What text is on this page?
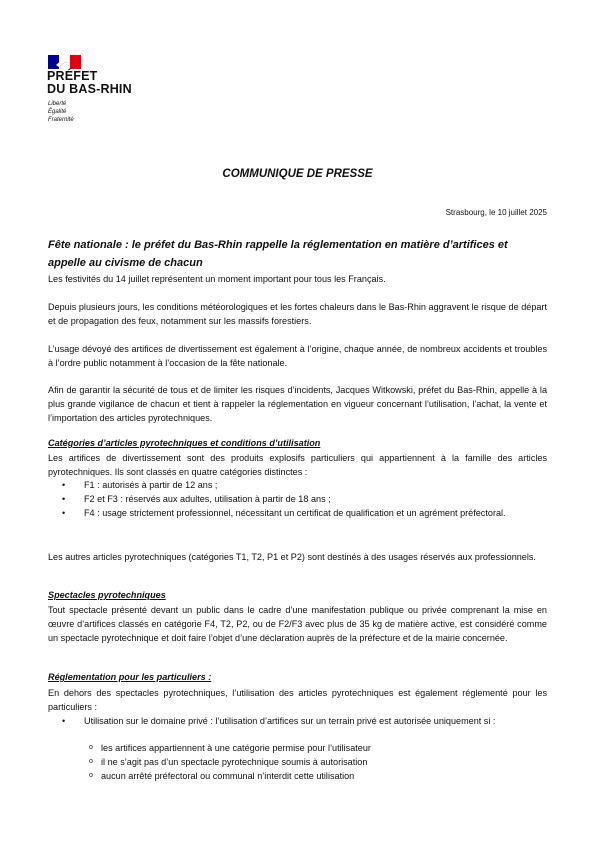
PRÉFET
DU BAS-RHIN
Liberté
Égalité
Fraternité
COMMUNIQUE DE PRESSE
Strasbourg, le 10 juillet 2025
Fête nationale : le préfet du Bas-Rhin rappelle la réglementation en matière d’artifices et appelle au civisme de chacun
Les festivités du 14 juillet représentent un moment important pour tous les Français.
Depuis plusieurs jours, les conditions météorologiques et les fortes chaleurs dans le Bas-Rhin aggravent le risque de départ et de propagation des feux, notamment sur les massifs forestiers.
L’usage dévoyé des artifices de divertissement est également à l’origine, chaque année, de nombreux accidents et troubles à l’ordre public notamment à l’occasion de la fête nationale.
Afin de garantir la sécurité de tous et de limiter les risques d’incidents, Jacques Witkowski, préfet du Bas-Rhin, appelle à la plus grande vigilance de chacun et tient à rappeler la réglementation en vigueur concernant l’utilisation, l’achat, la vente et l’importation des articles pyrotechniques.
Catégories d’articles pyrotechniques et conditions d’utilisation
Les artifices de divertissement sont des produits explosifs particuliers qui appartiennent à la famille des articles pyrotechniques. Ils sont classés en quatre catégories distinctes :
• F1 : autorisés à partir de 12 ans ;
• F2 et F3 : réservés aux adultes, utilisation à partir de 18 ans ;
• F4 : usage strictement professionnel, nécessitant un certificat de qualification et un agrément préfectoral.
Les autres articles pyrotechniques (catégories T1, T2, P1 et P2) sont destinés à des usages réservés aux professionnels.
Spectacles pyrotechniques
Tout spectacle présenté devant un public dans le cadre d’une manifestation publique ou privée comprenant la mise en œuvre d’artifices classés en catégorie F4, T2, P2, ou de F2/F3 avec plus de 35 kg de matière active, est considéré comme un spectacle pyrotechnique et doit faire l’objet d’une déclaration auprès de la préfecture et de la mairie concernée.
Réglementation pour les particuliers :
En dehors des spectacles pyrotechniques, l’utilisation des articles pyrotechniques est également réglementé pour les particuliers :
• Utilisation sur le domaine privé : l’utilisation d’artifices sur un terrain privé est autorisée uniquement si :
o les artifices appartiennent à une catégorie permise pour l’utilisateur
o il ne s’agit pas d’un spectacle pyrotechnique soumis à autorisation
o aucun arrêté préfectoral ou communal n’interdit cette utilisation
